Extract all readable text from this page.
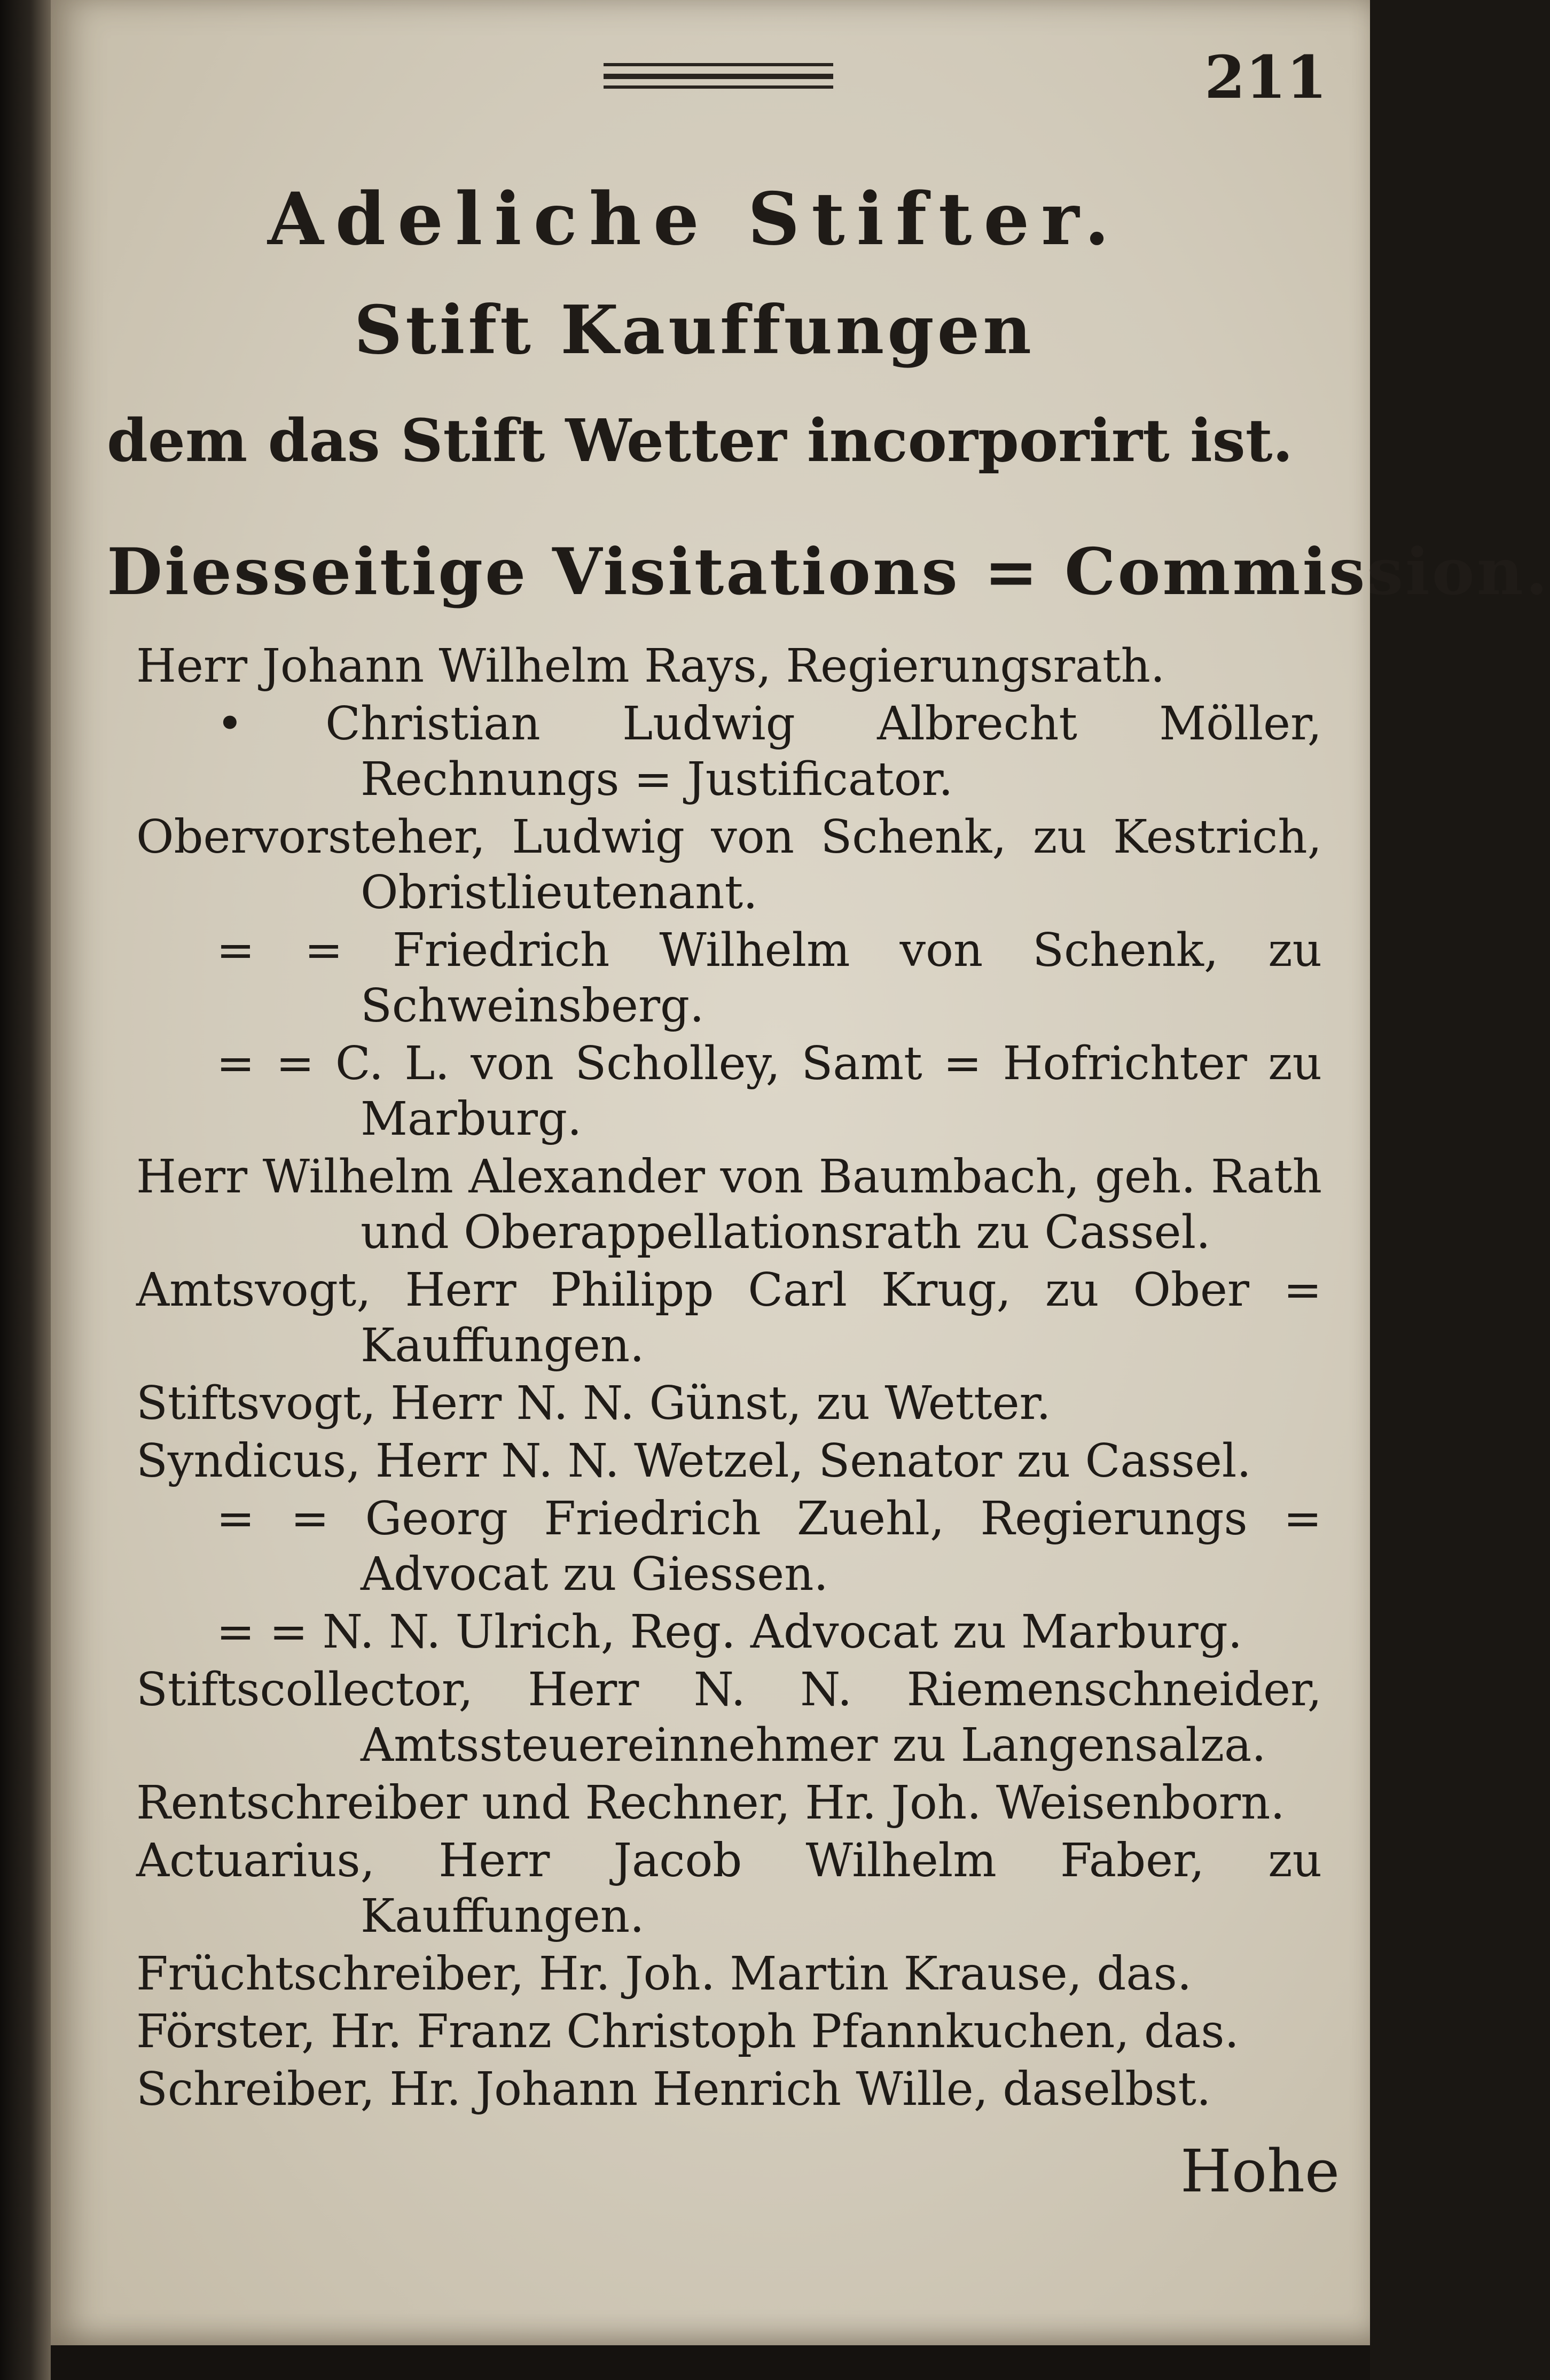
211

Adeliche Stifter.
Stift Kauffungen
dem das Stift Wetter incorporirt ist.
Diesseitige Visitations = Commission.

Herr Johann Wilhelm Rays, Regierungsrath.

• Christian Ludwig Albrecht Möller, Rechnungs = Justificator.

Obervorsteher, Ludwig von Schenk, zu Kestrich, Obristlieutenant.

= = Friedrich Wilhelm von Schenk, zu Schweinsberg.

= = C. L. von Scholley, Samt = Hofrichter zu Marburg.

Herr Wilhelm Alexander von Baumbach, geh. Rath und Oberappellationsrath zu Cassel.

Amtsvogt, Herr Philipp Carl Krug, zu Ober = Kauffungen.

Stiftsvogt, Herr N. N. Günst, zu Wetter.

Syndicus, Herr N. N. Wetzel, Senator zu Cassel.

= = Georg Friedrich Zuehl, Regierungs = Advocat zu Giessen.

= = N. N. Ulrich, Reg. Advocat zu Marburg.

Stiftscollector, Herr N. N. Riemenschneider, Amtssteuereinnehmer zu Langensalza.

Rentschreiber und Rechner, Hr. Joh. Weisenborn.

Actuarius, Herr Jacob Wilhelm Faber, zu Kauffungen.

Früchtschreiber, Hr. Joh. Martin Krause, das.

Förster, Hr. Franz Christoph Pfannkuchen, das.

Schreiber, Hr. Johann Henrich Wille, daselbst.

Hohe
